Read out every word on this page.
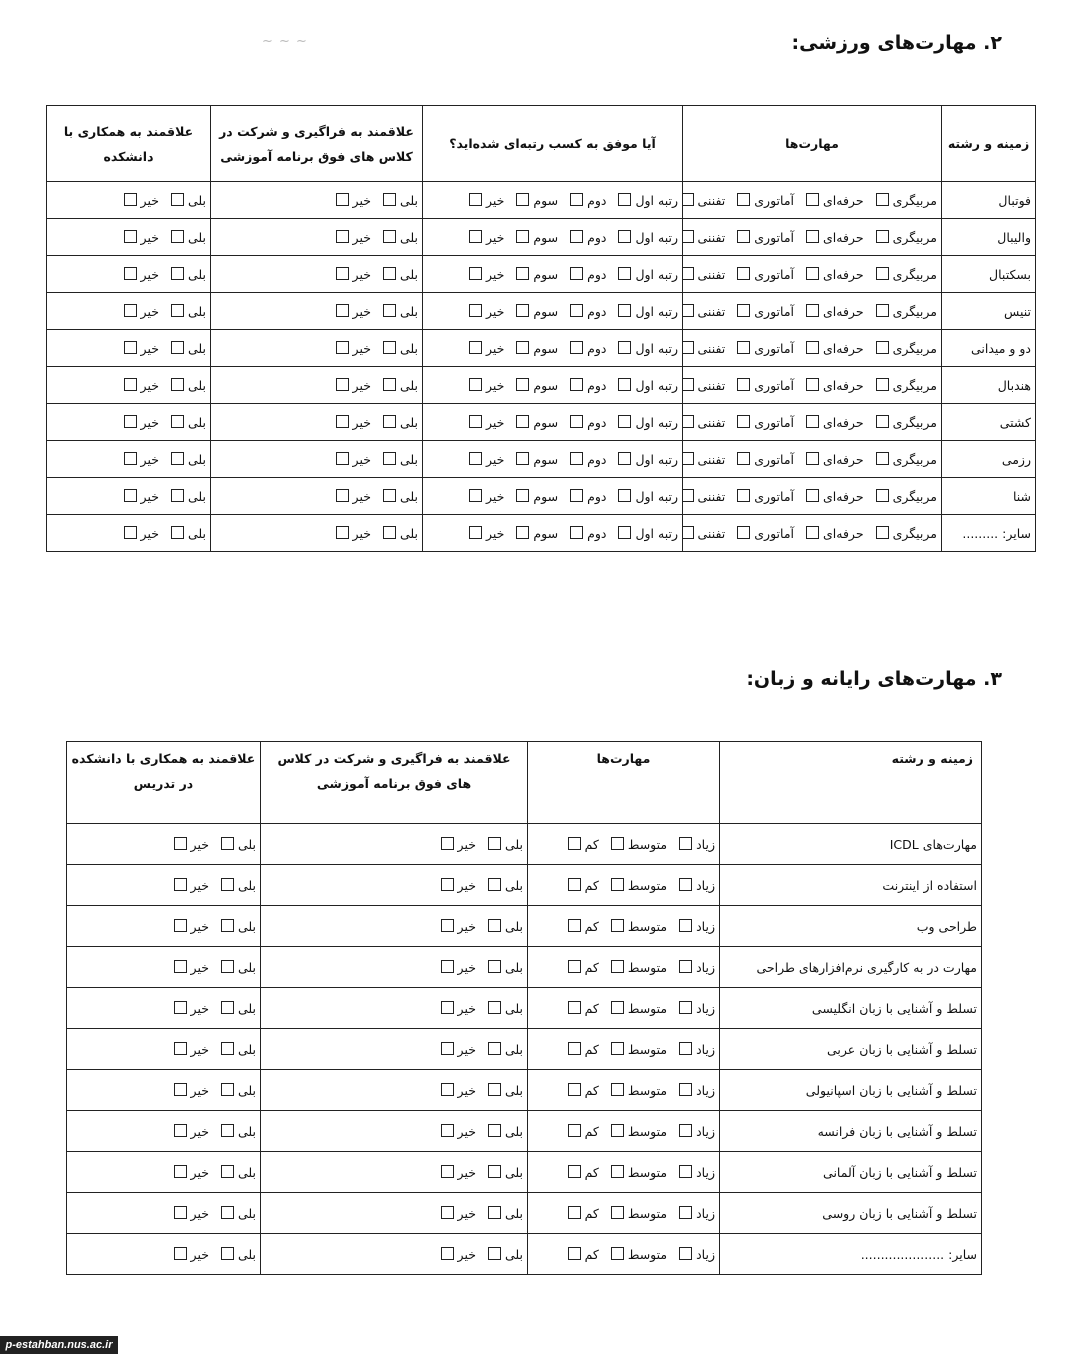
~ ~ ~	۲. مهارت‌های ورزشی:
زمینه و رشته	مهارت‌ها	آیا موفق به کسب رتبه‌ای شده‌اید؟	علاقمند به فراگیری و شرکت در کلاس های فوق برنامه آموزشی	علاقمند به همکاری با دانشکده
فوتبال	مربیگریحرفه‌ایآماتوریتفننی	رتبه اولدومسومخیر	بلیخیر	بلیخیر
والیبال	مربیگریحرفه‌ایآماتوریتفننی	رتبه اولدومسومخیر	بلیخیر	بلیخیر
بسکتبال	مربیگریحرفه‌ایآماتوریتفننی	رتبه اولدومسومخیر	بلیخیر	بلیخیر
تنیس	مربیگریحرفه‌ایآماتوریتفننی	رتبه اولدومسومخیر	بلیخیر	بلیخیر
دو و میدانی	مربیگریحرفه‌ایآماتوریتفننی	رتبه اولدومسومخیر	بلیخیر	بلیخیر
هندبال	مربیگریحرفه‌ایآماتوریتفننی	رتبه اولدومسومخیر	بلیخیر	بلیخیر
کشتی	مربیگریحرفه‌ایآماتوریتفننی	رتبه اولدومسومخیر	بلیخیر	بلیخیر
رزمی	مربیگریحرفه‌ایآماتوریتفننی	رتبه اولدومسومخیر	بلیخیر	بلیخیر
شنا	مربیگریحرفه‌ایآماتوریتفننی	رتبه اولدومسومخیر	بلیخیر	بلیخیر
سایر: .........	مربیگریحرفه‌ایآماتوریتفننی	رتبه اولدومسومخیر	بلیخیر	بلیخیر
۳. مهارت‌های رایانه و زبان:
زمینه و رشته	مهارت‌ها	علاقمند به فراگیری و شرکت در کلاس های فوق برنامه آموزشی	علاقمند به همکاری با دانشکده در تدریس
مهارت‌های ICDL	زیادمتوسطکم	بلیخیر	بلیخیر
استفاده از اینترنت	زیادمتوسطکم	بلیخیر	بلیخیر
طراحی وب	زیادمتوسطکم	بلیخیر	بلیخیر
مهارت در به کارگیری نرم‌افزارهای طراحی	زیادمتوسطکم	بلیخیر	بلیخیر
تسلط و آشنایی با زبان انگلیسی	زیادمتوسطکم	بلیخیر	بلیخیر
تسلط و آشنایی با زبان عربی	زیادمتوسطکم	بلیخیر	بلیخیر
تسلط و آشنایی با زبان اسپانیولی	زیادمتوسطکم	بلیخیر	بلیخیر
تسلط و آشنایی با زبان فرانسه	زیادمتوسطکم	بلیخیر	بلیخیر
تسلط و آشنایی با زبان آلمانی	زیادمتوسطکم	بلیخیر	بلیخیر
تسلط و آشنایی با زبان روسی	زیادمتوسطکم	بلیخیر	بلیخیر
سایر: .....................	زیادمتوسطکم	بلیخیر	بلیخیر
p-estahban.nus.ac.ir
